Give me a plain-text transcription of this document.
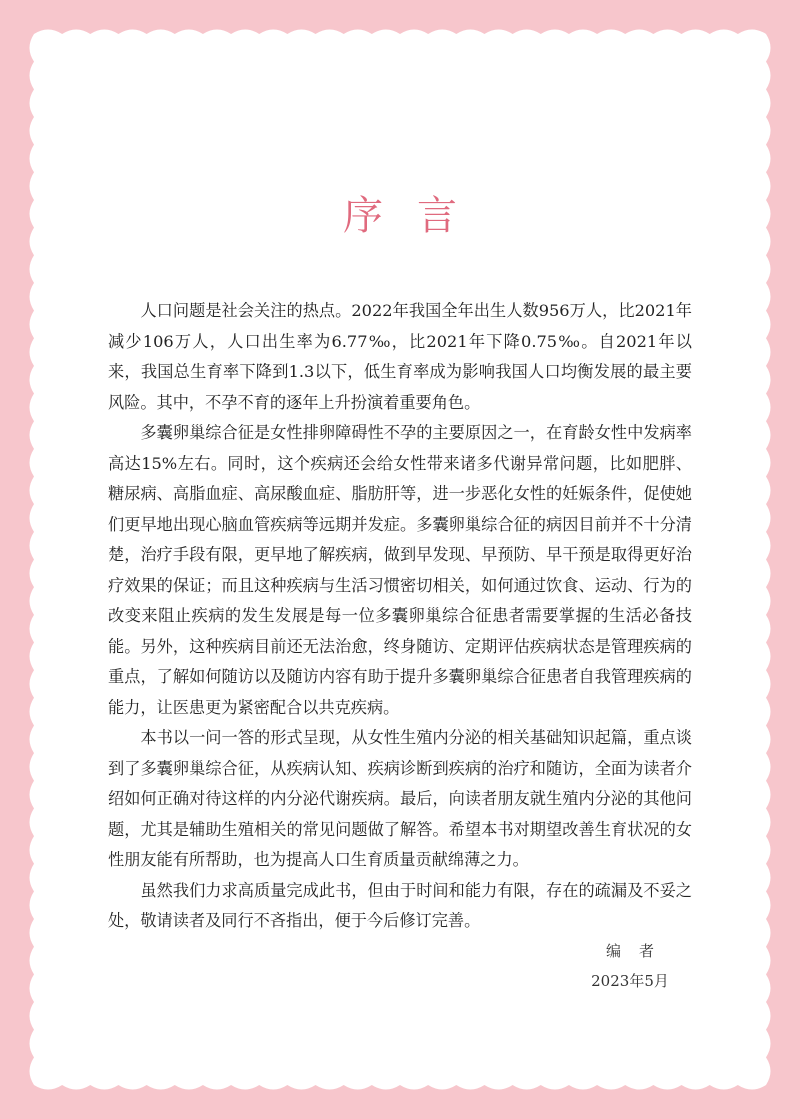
序言

人口问题是社会关注的热点。2022年我国全年出生人数956万人，比2021年减少106万人，人口出生率为6.77‰，比2021年下降0.75‰。自2021年以来，我国总生育率下降到1.3以下，低生育率成为影响我国人口均衡发展的最主要风险。其中，不孕不育的逐年上升扮演着重要角色。

多囊卵巢综合征是女性排卵障碍性不孕的主要原因之一，在育龄女性中发病率高达15%左右。同时，这个疾病还会给女性带来诸多代谢异常问题，比如肥胖、糖尿病、高脂血症、高尿酸血症、脂肪肝等，进一步恶化女性的妊娠条件，促使她们更早地出现心脑血管疾病等远期并发症。多囊卵巢综合征的病因目前并不十分清楚，治疗手段有限，更早地了解疾病，做到早发现、早预防、早干预是取得更好治疗效果的保证；而且这种疾病与生活习惯密切相关，如何通过饮食、运动、行为的改变来阻止疾病的发生发展是每一位多囊卵巢综合征患者需要掌握的生活必备技能。另外，这种疾病目前还无法治愈，终身随访、定期评估疾病状态是管理疾病的重点，了解如何随访以及随访内容有助于提升多囊卵巢综合征患者自我管理疾病的能力，让医患更为紧密配合以共克疾病。

本书以一问一答的形式呈现，从女性生殖内分泌的相关基础知识起篇，重点谈到了多囊卵巢综合征，从疾病认知、疾病诊断到疾病的治疗和随访，全面为读者介绍如何正确对待这样的内分泌代谢疾病。最后，向读者朋友就生殖内分泌的其他问题，尤其是辅助生殖相关的常见问题做了解答。希望本书对期望改善生育状况的女性朋友能有所帮助，也为提高人口生育质量贡献绵薄之力。

虽然我们力求高质量完成此书，但由于时间和能力有限，存在的疏漏及不妥之处，敬请读者及同行不吝指出，便于今后修订完善。

编者
2023年5月
